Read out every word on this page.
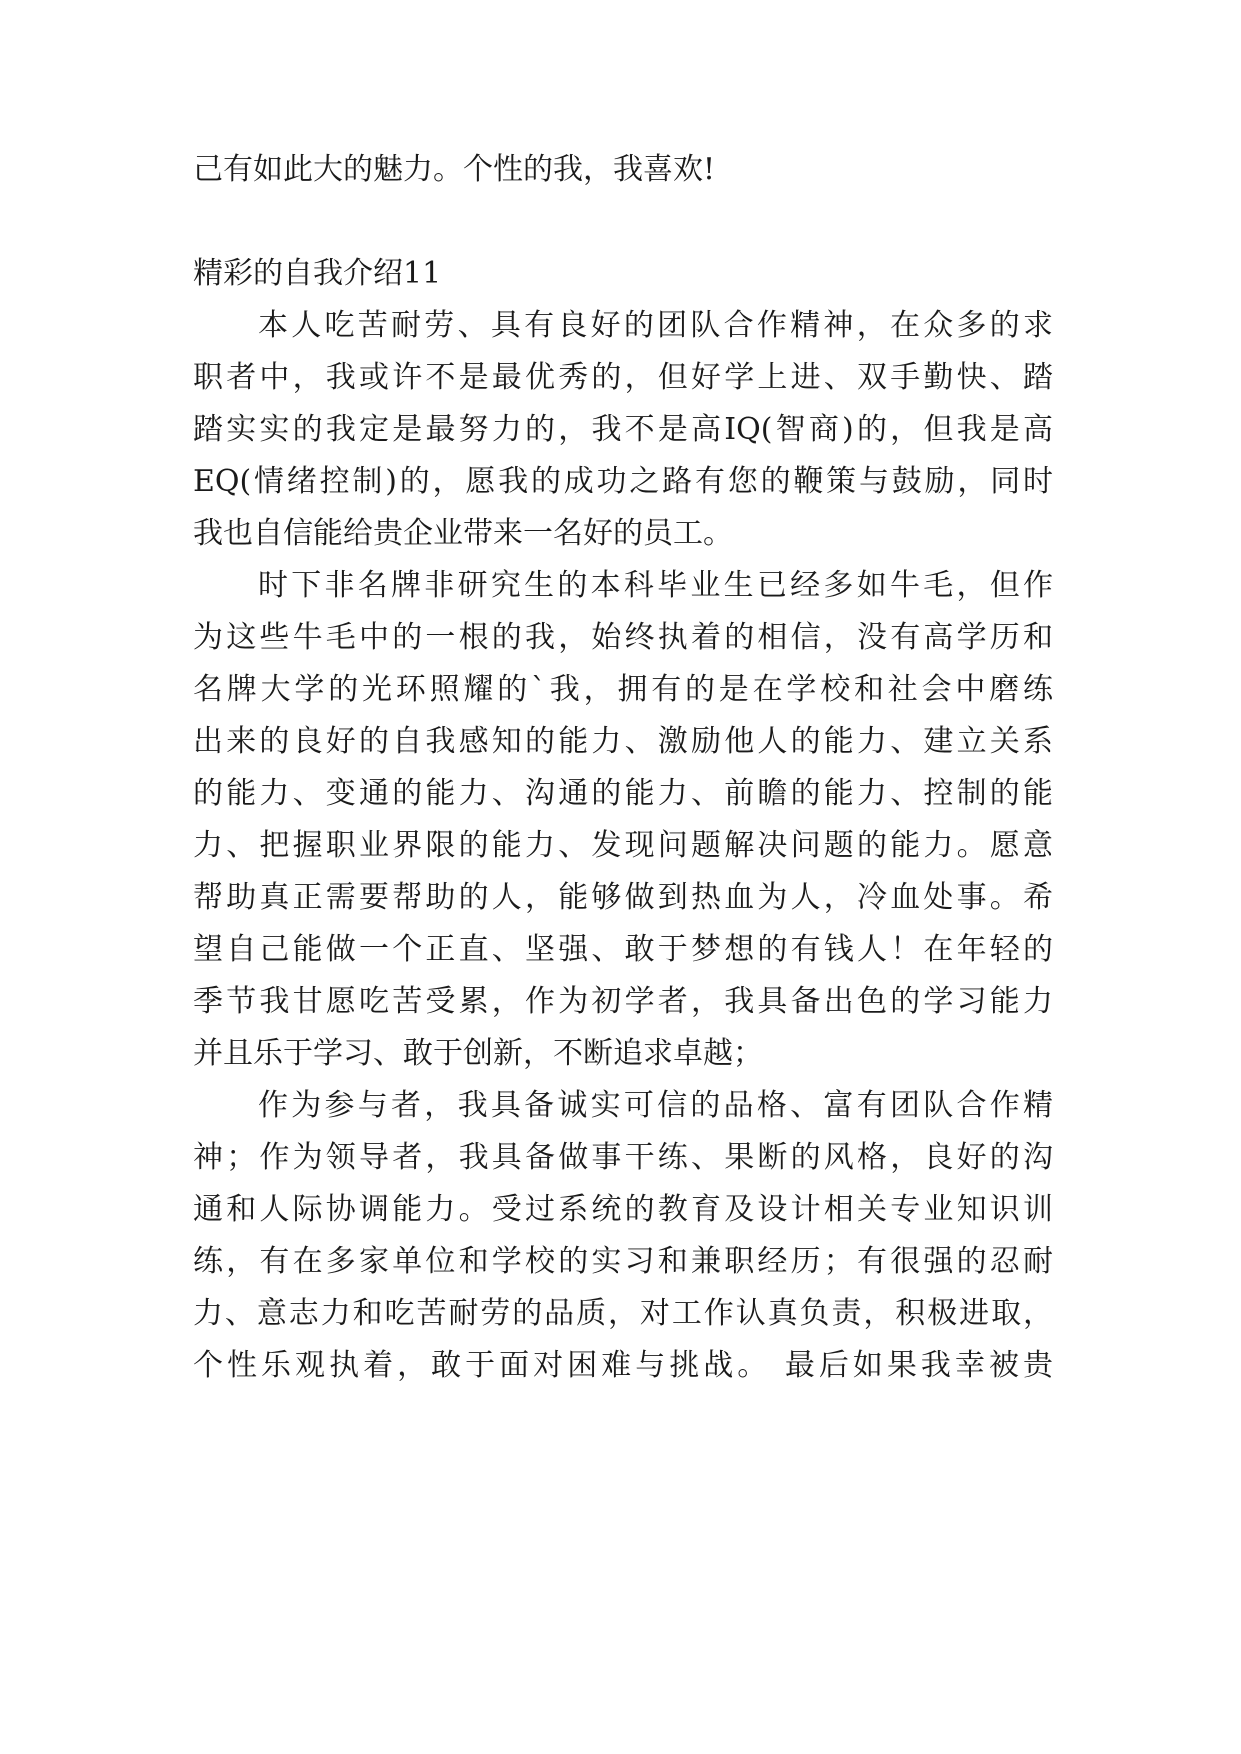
己有如此大的魅力。个性的我，我喜欢!
精彩的自我介绍11
本人吃苦耐劳、具有良好的团队合作精神，在众多的求
职者中，我或许不是最优秀的，但好学上进、双手勤快、踏
踏实实的我定是最努力的，我不是高IQ(智商)的，但我是高
EQ(情绪控制)的，愿我的成功之路有您的鞭策与鼓励，同时
我也自信能给贵企业带来一名好的员工。
时下非名牌非研究生的本科毕业生已经多如牛毛，但作
为这些牛毛中的一根的我，始终执着的相信，没有高学历和
名牌大学的光环照耀的`我，拥有的是在学校和社会中磨练
出来的良好的自我感知的能力、激励他人的能力、建立关系
的能力、变通的能力、沟通的能力、前瞻的能力、控制的能
力、把握职业界限的能力、发现问题解决问题的能力。愿意
帮助真正需要帮助的人，能够做到热血为人，冷血处事。希
望自己能做一个正直、坚强、敢于梦想的有钱人！在年轻的
季节我甘愿吃苦受累，作为初学者，我具备出色的学习能力
并且乐于学习、敢于创新，不断追求卓越；
作为参与者，我具备诚实可信的品格、富有团队合作精
神；作为领导者，我具备做事干练、果断的风格，良好的沟
通和人际协调能力。受过系统的教育及设计相关专业知识训
练，有在多家单位和学校的实习和兼职经历；有很强的忍耐
力、意志力和吃苦耐劳的品质，对工作认真负责，积极进取，
个性乐观执着，敢于面对困难与挑战。 最后如果我幸被贵
